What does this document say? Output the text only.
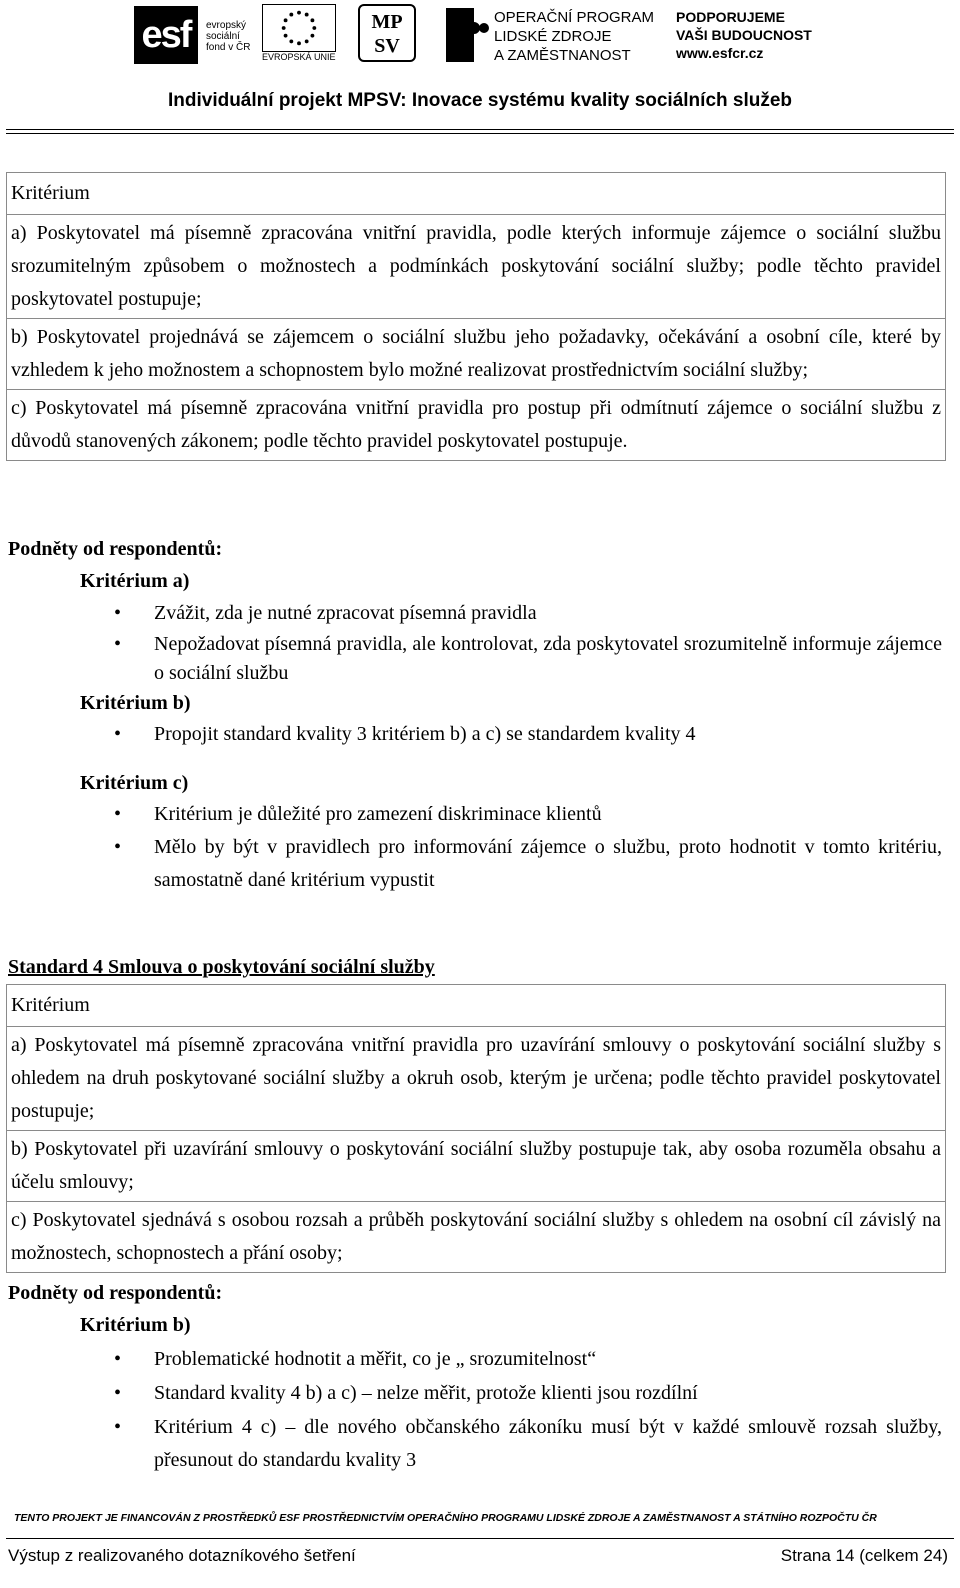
esf	evropský
sociální
fond v ČR
EVROPSKÁ UNIE
MP
SV
OPERAČNÍ PROGRAM
LIDSKÉ ZDROJE
A ZAMĚSTNANOST
PODPORUJEME
VAŠI BUDOUCNOST
www.esfcr.cz
Individuální projekt MPSV: Inovace systému kvality sociálních služeb
Kritérium
a) Poskytovatel má písemně zpracována vnitřní pravidla, podle kterých informuje zájemce o sociální službu srozumitelným způsobem o možnostech a podmínkách poskytování sociální služby; podle těchto pravidel poskytovatel postupuje;
b) Poskytovatel projednává se zájemcem o sociální službu jeho požadavky, očekávání a osobní cíle, které by vzhledem k jeho možnostem a schopnostem bylo možné realizovat prostřednictvím sociální služby;
c) Poskytovatel má písemně zpracována vnitřní pravidla pro postup při odmítnutí zájemce o sociální službu z důvodů stanovených zákonem; podle těchto pravidel poskytovatel postupuje.
Podněty od respondentů:
Kritérium a)
• Zvážit, zda je nutné zpracovat písemná pravidla
• Nepožadovat písemná pravidla, ale kontrolovat, zda poskytovatel srozumitelně informuje zájemce o sociální službu
Kritérium b)
• Propojit standard kvality 3 kritériem b) a c) se standardem kvality 4
Kritérium c)
• Kritérium je důležité pro zamezení diskriminace klientů
• Mělo by být v pravidlech pro informování zájemce o službu, proto hodnotit v tomto kritériu, samostatně dané kritérium vypustit
Standard 4 Smlouva o poskytování sociální služby
Kritérium
a) Poskytovatel má písemně zpracována vnitřní pravidla pro uzavírání smlouvy o poskytování sociální služby s ohledem na druh poskytované sociální služby a okruh osob, kterým je určena; podle těchto pravidel poskytovatel postupuje;
b) Poskytovatel při uzavírání smlouvy o poskytování sociální služby postupuje tak, aby osoba rozuměla obsahu a účelu smlouvy;
c) Poskytovatel sjednává s osobou rozsah a průběh poskytování sociální služby s ohledem na osobní cíl závislý na možnostech, schopnostech a přání osoby;
Podněty od respondentů:
Kritérium b)
• Problematické hodnotit a měřit, co je „ srozumitelnost“
• Standard kvality 4 b) a c) – nelze měřit, protože klienti jsou rozdílní
• Kritérium 4 c) – dle nového občanského zákoníku musí být v každé smlouvě rozsah služby, přesunout do standardu kvality 3
TENTO PROJEKT JE FINANCOVÁN Z PROSTŘEDKŮ ESF PROSTŘEDNICTVÍM OPERAČNÍHO PROGRAMU LIDSKÉ ZDROJE A ZAMĚSTNANOST A STÁTNÍHO ROZPOČTU ČR
Výstup z realizovaného dotazníkového šetření	Strana 14 (celkem 24)
